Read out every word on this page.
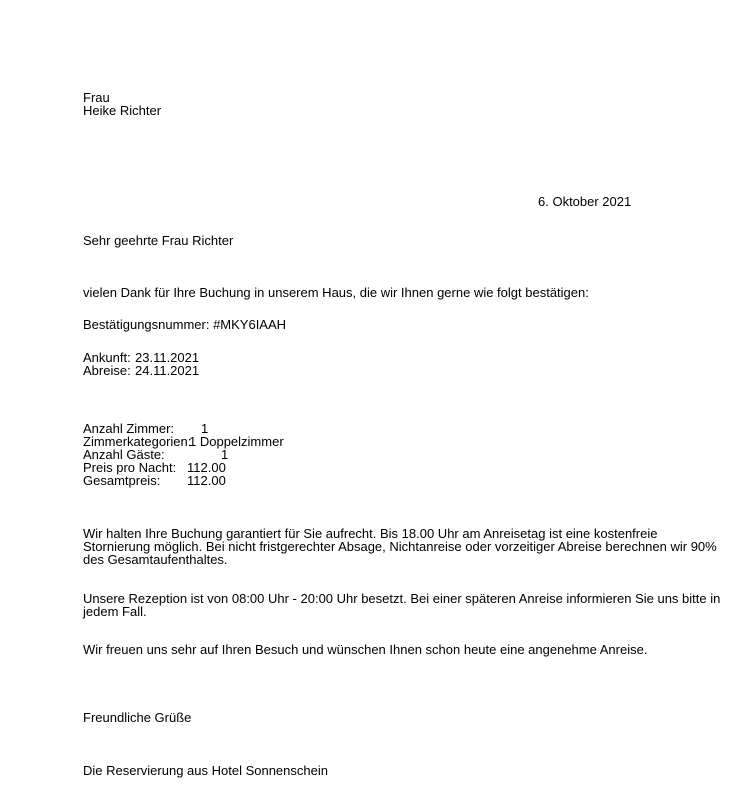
Frau
Heike Richter
6. Oktober 2021
Sehr geehrte Frau Richter
vielen Dank für Ihre Buchung in unserem Haus, die wir Ihnen gerne wie folgt bestätigen:
Bestätigungsnummer: #MKY6IAAH
Ankunft: 23.11.2021
Abreise: 24.11.2021
Anzahl Zimmer: 1
Zimmerkategorien:1 Doppelzimmer
Anzahl Gäste:	1
Preis pro Nacht: 112.00
Gesamtpreis: 112.00
Wir halten Ihre Buchung garantiert für Sie aufrecht. Bis 18.00 Uhr am Anreisetag ist eine kostenfreie Stornierung möglich. Bei nicht fristgerechter Absage, Nichtanreise oder vorzeitiger Abreise berechnen wir 90% des Gesamtaufenthaltes.
Unsere Rezeption ist von 08:00 Uhr - 20:00 Uhr besetzt. Bei einer späteren Anreise informieren Sie uns bitte in jedem Fall.
Wir freuen uns sehr auf Ihren Besuch und wünschen Ihnen schon heute eine angenehme Anreise.
Freundliche Grüße
Die Reservierung aus Hotel Sonnenschein
